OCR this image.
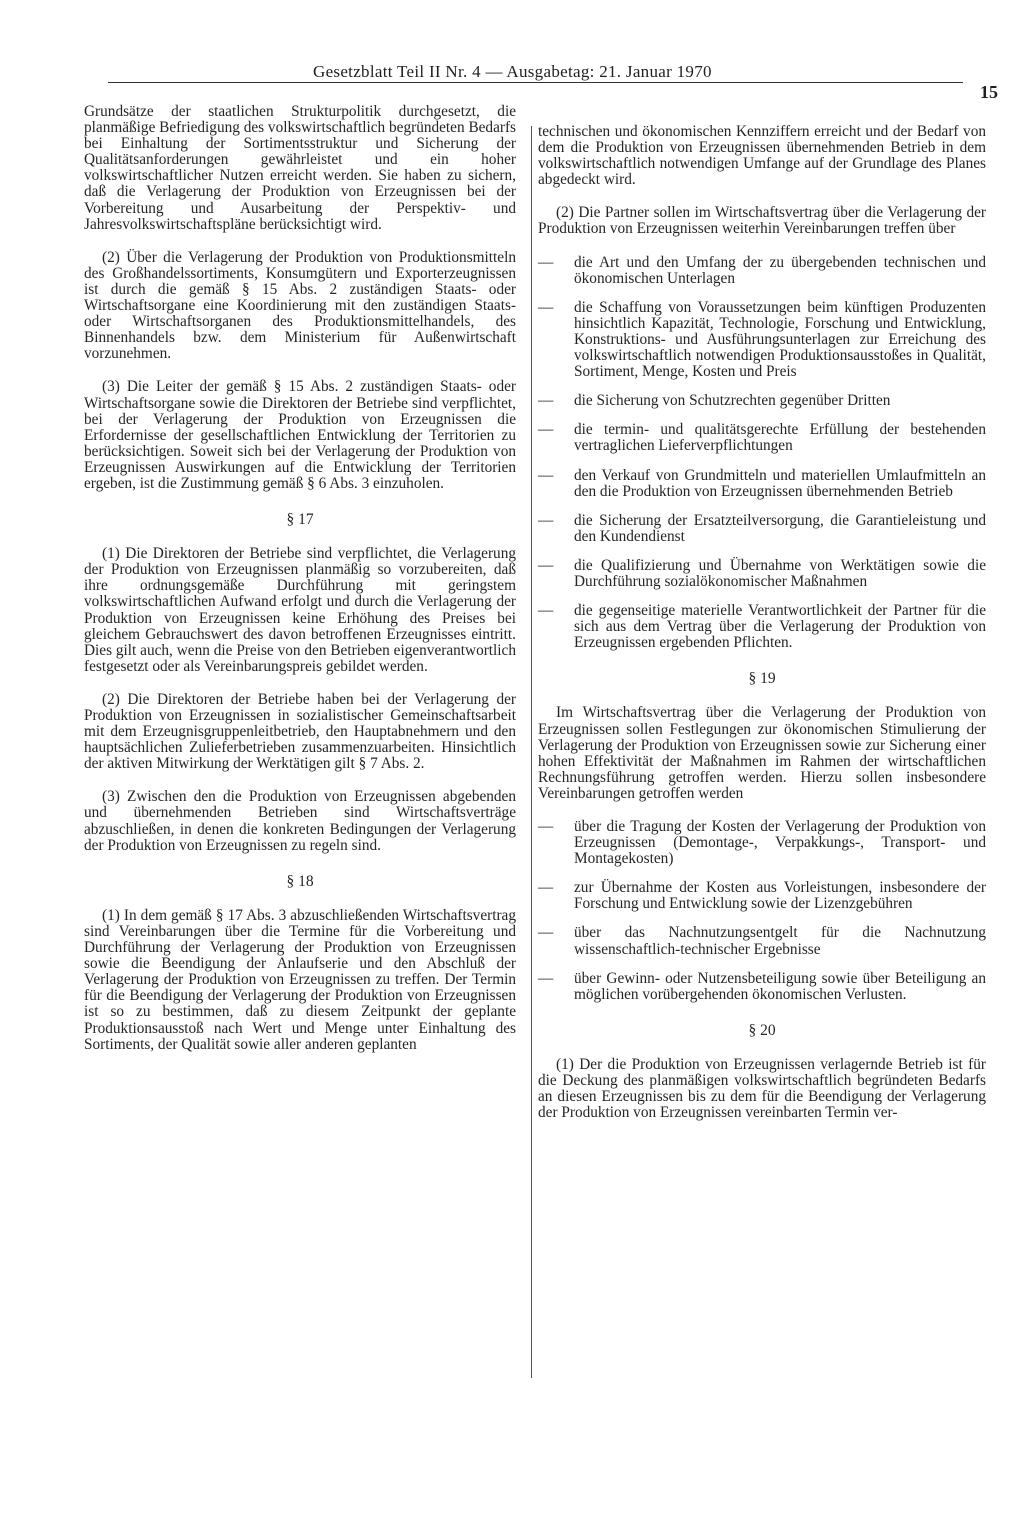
Gesetzblatt Teil II Nr. 4 — Ausgabetag: 21. Januar 1970
15

Grundsätze der staatlichen Strukturpolitik durchgesetzt, die planmäßige Befriedigung des volkswirtschaftlich begründeten Bedarfs bei Einhaltung der Sortimentsstruktur und Sicherung der Qualitätsanforderungen gewährleistet und ein hoher volkswirtschaftlicher Nutzen erreicht werden. Sie haben zu sichern, daß die Verlagerung der Produktion von Erzeugnissen bei der Vorbereitung und Ausarbeitung der Perspektiv- und Jahresvolkswirtschaftspläne berücksichtigt wird.

(2) Über die Verlagerung der Produktion von Produktionsmitteln des Großhandelssortiments, Konsumgütern und Exporterzeugnissen ist durch die gemäß § 15 Abs. 2 zuständigen Staats- oder Wirtschaftsorgane eine Koordinierung mit den zuständigen Staats- oder Wirtschaftsorganen des Produktionsmittelhandels, des Binnenhandels bzw. dem Ministerium für Außenwirtschaft vorzunehmen.

(3) Die Leiter der gemäß § 15 Abs. 2 zuständigen Staats- oder Wirtschaftsorgane sowie die Direktoren der Betriebe sind verpflichtet, bei der Verlagerung der Produktion von Erzeugnissen die Erfordernisse der gesellschaftlichen Entwicklung der Territorien zu berücksichtigen. Soweit sich bei der Verlagerung der Produktion von Erzeugnissen Auswirkungen auf die Entwicklung der Territorien ergeben, ist die Zustimmung gemäß § 6 Abs. 3 einzuholen.

§ 17

(1) Die Direktoren der Betriebe sind verpflichtet, die Verlagerung der Produktion von Erzeugnissen planmäßig so vorzubereiten, daß ihre ordnungsgemäße Durchführung mit geringstem volkswirtschaftlichen Aufwand erfolgt und durch die Verlagerung der Produktion von Erzeugnissen keine Erhöhung des Preises bei gleichem Gebrauchswert des davon betroffenen Erzeugnisses eintritt. Dies gilt auch, wenn die Preise von den Betrieben eigenverantwortlich festgesetzt oder als Vereinbarungspreis gebildet werden.

(2) Die Direktoren der Betriebe haben bei der Verlagerung der Produktion von Erzeugnissen in sozialistischer Gemeinschaftsarbeit mit dem Erzeugnisgruppenleitbetrieb, den Hauptabnehmern und den hauptsächlichen Zulieferbetrieben zusammenzuarbeiten. Hinsichtlich der aktiven Mitwirkung der Werktätigen gilt § 7 Abs. 2.

(3) Zwischen den die Produktion von Erzeugnissen abgebenden und übernehmenden Betrieben sind Wirtschaftsverträge abzuschließen, in denen die konkreten Bedingungen der Verlagerung der Produktion von Erzeugnissen zu regeln sind.

§ 18

(1) In dem gemäß § 17 Abs. 3 abzuschließenden Wirtschaftsvertrag sind Vereinbarungen über die Termine für die Vorbereitung und Durchführung der Verlagerung der Produktion von Erzeugnissen sowie die Beendigung der Anlaufserie und den Abschluß der Verlagerung der Produktion von Erzeugnissen zu treffen. Der Termin für die Beendigung der Verlagerung der Produktion von Erzeugnissen ist so zu bestimmen, daß zu diesem Zeitpunkt der geplante Produktionsausstoß nach Wert und Menge unter Einhaltung des Sortiments, der Qualität sowie aller anderen geplanten

technischen und ökonomischen Kennziffern erreicht und der Bedarf von dem die Produktion von Erzeugnissen übernehmenden Betrieb in dem volkswirtschaftlich notwendigen Umfange auf der Grundlage des Planes abgedeckt wird.

(2) Die Partner sollen im Wirtschaftsvertrag über die Verlagerung der Produktion von Erzeugnissen weiterhin Vereinbarungen treffen über

— die Art und den Umfang der zu übergebenden technischen und ökonomischen Unterlagen
— die Schaffung von Voraussetzungen beim künftigen Produzenten hinsichtlich Kapazität, Technologie, Forschung und Entwicklung, Konstruktions- und Ausführungsunterlagen zur Erreichung des volkswirtschaftlich notwendigen Produktionsausstoßes in Qualität, Sortiment, Menge, Kosten und Preis
— die Sicherung von Schutzrechten gegenüber Dritten
— die termin- und qualitätsgerechte Erfüllung der bestehenden vertraglichen Lieferverpflichtungen
— den Verkauf von Grundmitteln und materiellen Umlaufmitteln an den die Produktion von Erzeugnissen übernehmenden Betrieb
— die Sicherung der Ersatzteilversorgung, die Garantieleistung und den Kundendienst
— die Qualifizierung und Übernahme von Werktätigen sowie die Durchführung sozialökonomischer Maßnahmen
— die gegenseitige materielle Verantwortlichkeit der Partner für die sich aus dem Vertrag über die Verlagerung der Produktion von Erzeugnissen ergebenden Pflichten.
§ 19

Im Wirtschaftsvertrag über die Verlagerung der Produktion von Erzeugnissen sollen Festlegungen zur ökonomischen Stimulierung der Verlagerung der Produktion von Erzeugnissen sowie zur Sicherung einer hohen Effektivität der Maßnahmen im Rahmen der wirtschaftlichen Rechnungsführung getroffen werden. Hierzu sollen insbesondere Vereinbarungen getroffen werden

— über die Tragung der Kosten der Verlagerung der Produktion von Erzeugnissen (Demontage-, Verpakkungs-, Transport- und Montagekosten)
— zur Übernahme der Kosten aus Vorleistungen, insbesondere der Forschung und Entwicklung sowie der Lizenzgebühren
— über das Nachnutzungsentgelt für die Nachnutzung wissenschaftlich-technischer Ergebnisse
— über Gewinn- oder Nutzensbeteiligung sowie über Beteiligung an möglichen vorübergehenden ökonomischen Verlusten.
§ 20

(1) Der die Produktion von Erzeugnissen verlagernde Betrieb ist für die Deckung des planmäßigen volkswirtschaftlich begründeten Bedarfs an diesen Erzeugnissen bis zu dem für die Beendigung der Verlagerung der Produktion von Erzeugnissen vereinbarten Termin ver-
